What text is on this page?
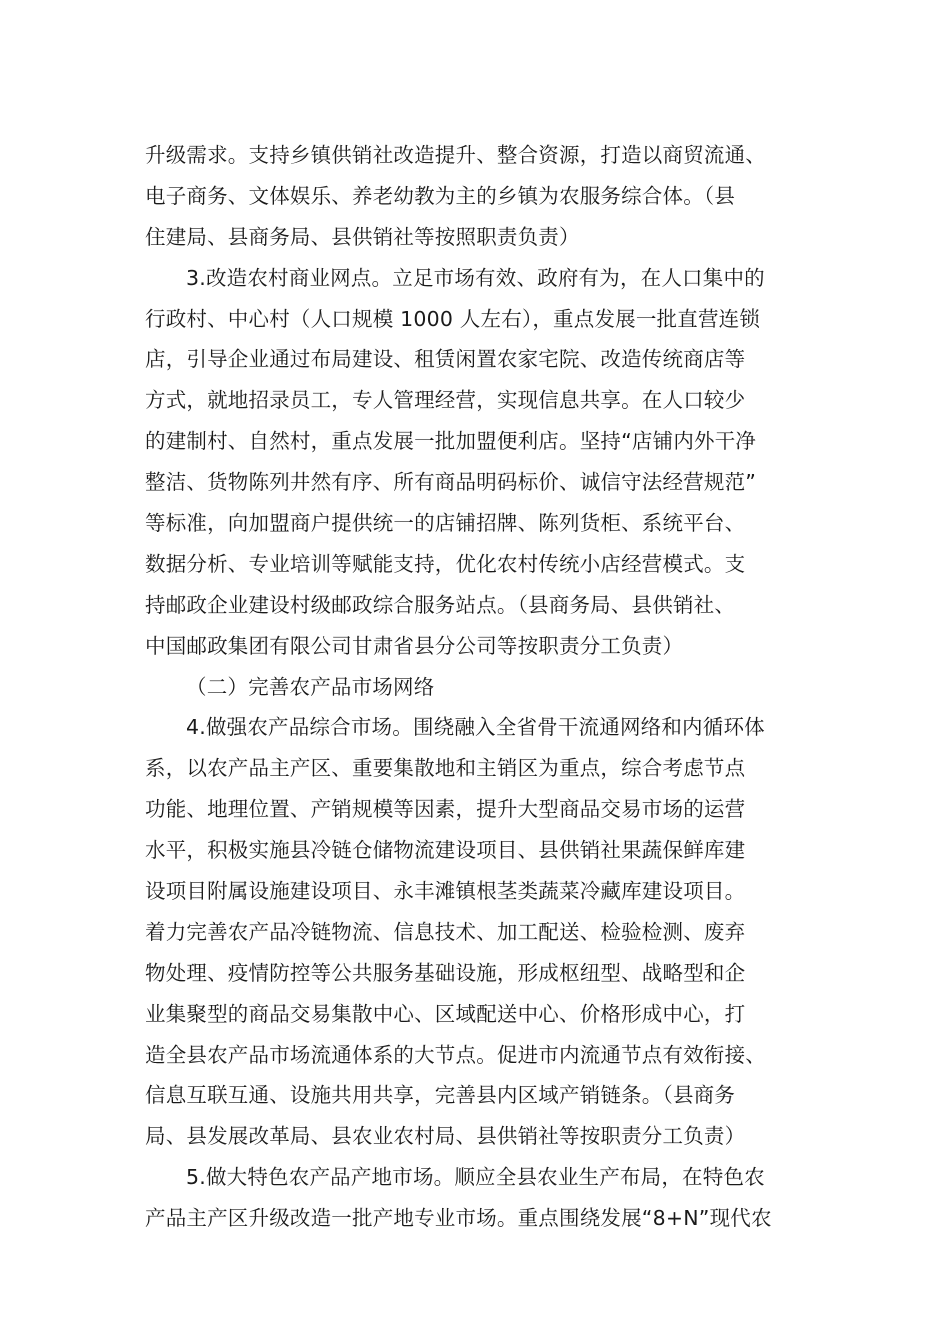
升级需求。支持乡镇供销社改造提升、整合资源，打造以商贸流通、
电子商务、文体娱乐、养老幼教为主的乡镇为农服务综合体。（县
住建局、县商务局、县供销社等按照职责负责）
3.改造农村商业网点。立足市场有效、政府有为，在人口集中的
行政村、中心村（人口规模 1000 人左右），重点发展一批直营连锁
店，引导企业通过布局建设、租赁闲置农家宅院、改造传统商店等
方式，就地招录员工，专人管理经营，实现信息共享。在人口较少
的建制村、自然村，重点发展一批加盟便利店。坚持“店铺内外干净
整洁、货物陈列井然有序、所有商品明码标价、诚信守法经营规范”
等标准，向加盟商户提供统一的店铺招牌、陈列货柜、系统平台、
数据分析、专业培训等赋能支持，优化农村传统小店经营模式。支
持邮政企业建设村级邮政综合服务站点。（县商务局、县供销社、
中国邮政集团有限公司甘肃省县分公司等按职责分工负责）
（二）完善农产品市场网络
4.做强农产品综合市场。围绕融入全省骨干流通网络和内循环体
系，以农产品主产区、重要集散地和主销区为重点，综合考虑节点
功能、地理位置、产销规模等因素，提升大型商品交易市场的运营
水平，积极实施县冷链仓储物流建设项目、县供销社果蔬保鲜库建
设项目附属设施建设项目、永丰滩镇根茎类蔬菜冷藏库建设项目。
着力完善农产品冷链物流、信息技术、加工配送、检验检测、废弃
物处理、疫情防控等公共服务基础设施，形成枢纽型、战略型和企
业集聚型的商品交易集散中心、区域配送中心、价格形成中心，打
造全县农产品市场流通体系的大节点。促进市内流通节点有效衔接、
信息互联互通、设施共用共享，完善县内区域产销链条。（县商务
局、县发展改革局、县农业农村局、县供销社等按职责分工负责）
5.做大特色农产品产地市场。顺应全县农业生产布局，在特色农
产品主产区升级改造一批产地专业市场。重点围绕发展“8+N”现代农
